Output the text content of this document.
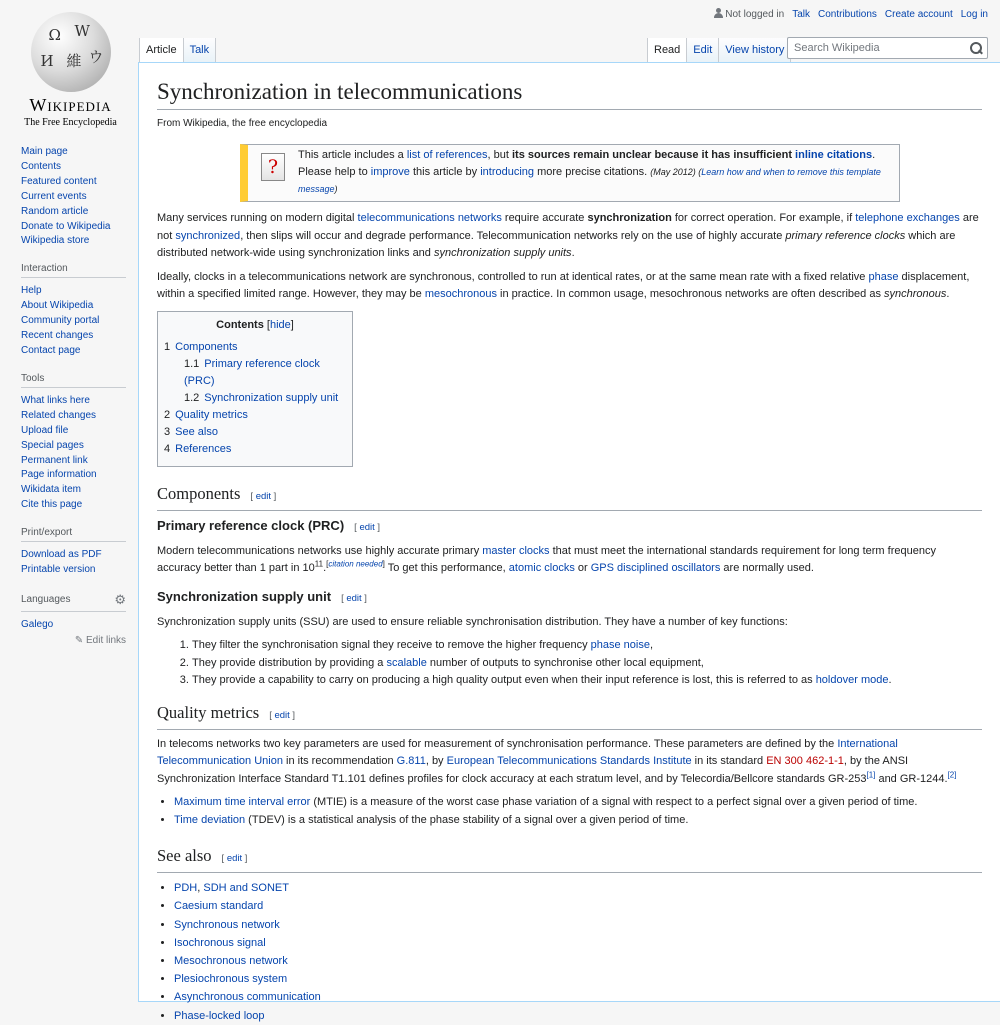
Ω W
И 維 ウ
Wikipedia
The Free Encyclopedia
Not logged in Talk Contributions Create account Log in
Article	Talk	Read	Edit	View history
Search Wikipedia
Main page
Contents
Featured content
Current events
Random article
Donate to Wikipedia
Wikipedia store
Interaction
Help
About Wikipedia
Community portal
Recent changes
Contact page
Tools
What links here
Related changes
Upload file
Special pages
Permanent link
Page information
Wikidata item
Cite this page
Print/export
Download as PDF
Printable version
Languages	⚙
Galego
✎ Edit links
Synchronization in telecommunications
From Wikipedia, the free encyclopedia
?
This article includes a list of references, but its sources remain unclear because it has insufficient inline citations.
Please help to improve this article by introducing more precise citations. (May 2012) (Learn how and when to remove this template message)

Many services running on modern digital telecommunications networks require accurate synchronization for correct operation. For example, if telephone exchanges are not synchronized, then slips will occur and degrade performance. Telecommunication networks rely on the use of highly accurate primary reference clocks which are distributed network-wide using synchronization links and synchronization supply units.

Ideally, clocks in a telecommunications network are synchronous, controlled to run at identical rates, or at the same mean rate with a fixed relative phase displacement, within a specified limited range. However, they may be mesochronous in practice. In common usage, mesochronous networks are often described as synchronous.

Contents [hide]
1 Components
1.1 Primary reference clock (PRC)
1.2 Synchronization supply unit
2 Quality metrics
3 See also
4 References
Components [ edit ]
Primary reference clock (PRC) [ edit ]

Modern telecommunications networks use highly accurate primary master clocks that must meet the international standards requirement for long term frequency accuracy better than 1 part in $10^{11}.[citation needed]$ To get this performance, atomic clocks or GPS disciplined oscillators are normally used.

Synchronization supply unit [ edit ]

Synchronization supply units (SSU) are used to ensure reliable synchronisation distribution. They have a number of key functions:

1. They filter the synchronisation signal they receive to remove the higher frequency phase noise,
2. They provide distribution by providing a scalable number of outputs to synchronise other local equipment,
3. They provide a capability to carry on producing a high quality output even when their input reference is lost, this is referred to as holdover mode.
Quality metrics [ edit ]

In telecoms networks two key parameters are used for measurement of synchronisation performance. These parameters are defined by the International Telecommunication Union in its recommendation G.811, by European Telecommunications Standards Institute in its standard EN 300 462-1-1, by the ANSI Synchronization Interface Standard T1.101 defines profiles for clock accuracy at each stratum level, and by Telecordia/Bellcore standards GR-253[1] and GR-1244.[2]

• Maximum time interval error (MTIE) is a measure of the worst case phase variation of a signal with respect to a perfect signal over a given period of time.
• Time deviation (TDEV) is a statistical analysis of the phase stability of a signal over a given period of time.
See also [ edit ]
• PDH, SDH and SONET
• Caesium standard
• Synchronous network
• Isochronous signal
• Mesochronous network
• Plesiochronous system
• Asynchronous communication
• Phase-locked loop
